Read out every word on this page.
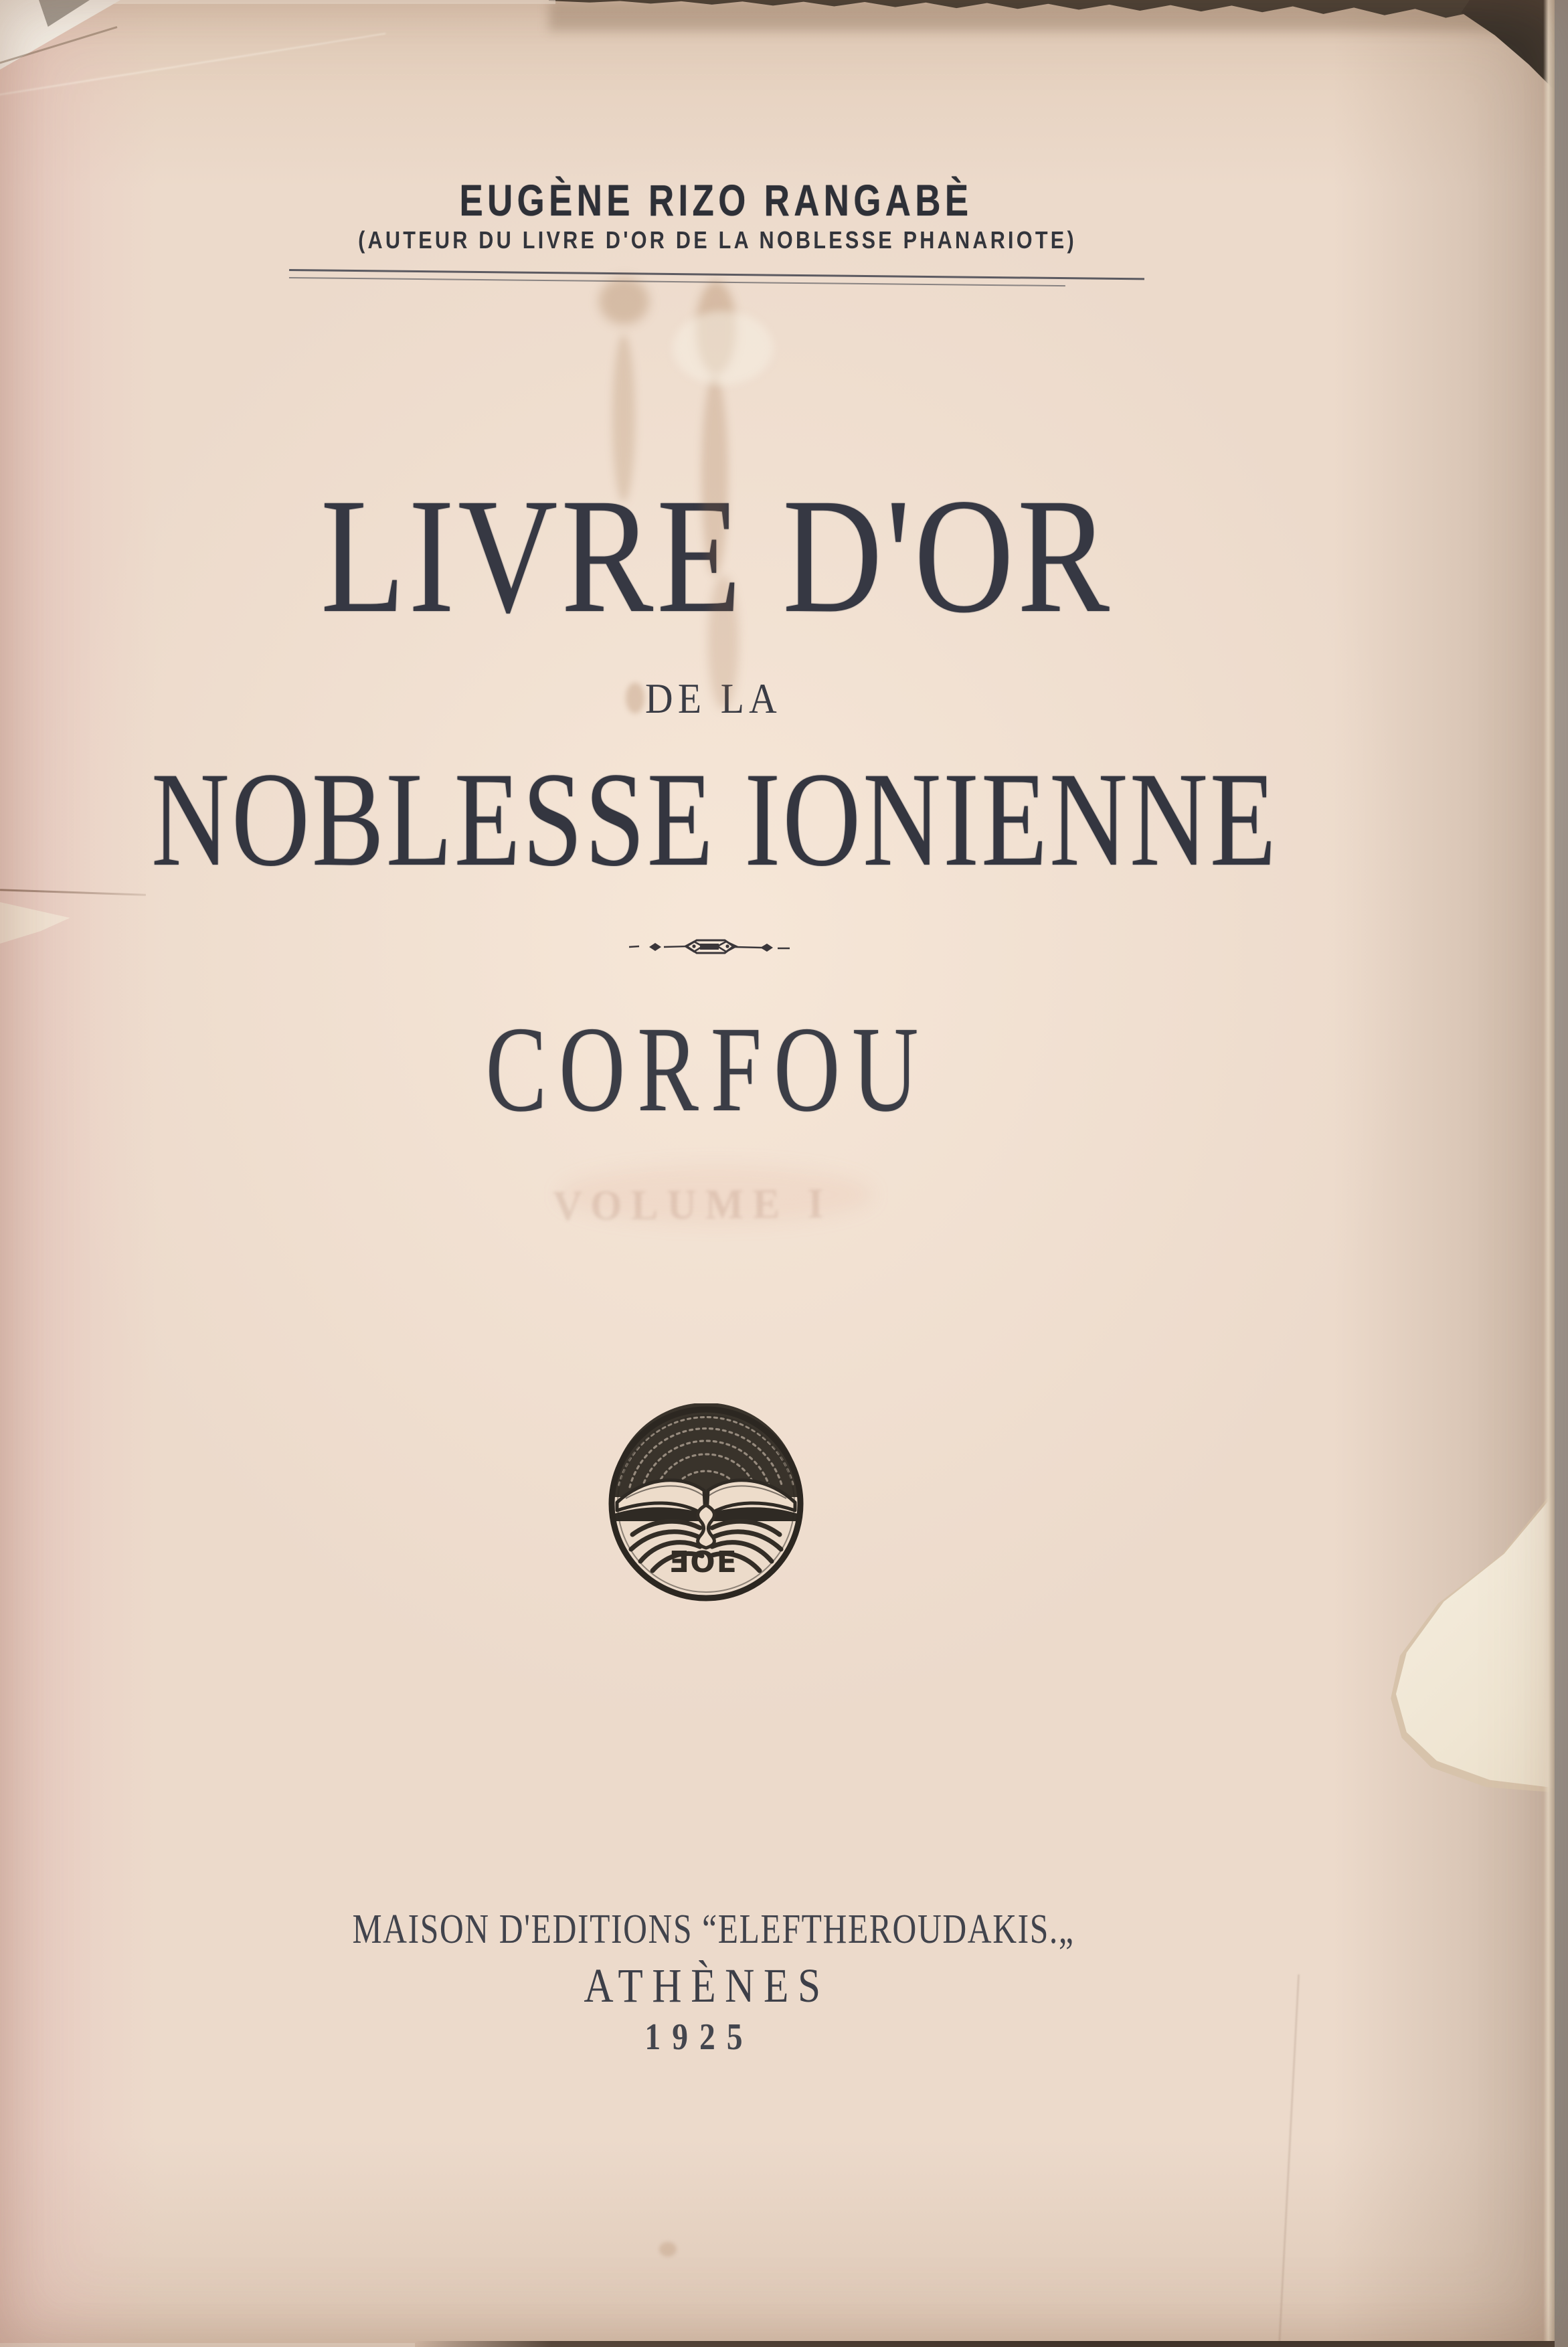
EUGÈNE RIZO RANGABÈ
(AUTEUR DU LIVRE D'OR DE LA NOBLESSE PHANARIOTE)
LIVRE D'OR
DE LA
NOBLESSE IONIENNE
CORFOU
VOLUME I
ƎΟΕ
MAISON D'EDITIONS “ELEFTHEROUDAKIS.„
ATHÈNES
1925
